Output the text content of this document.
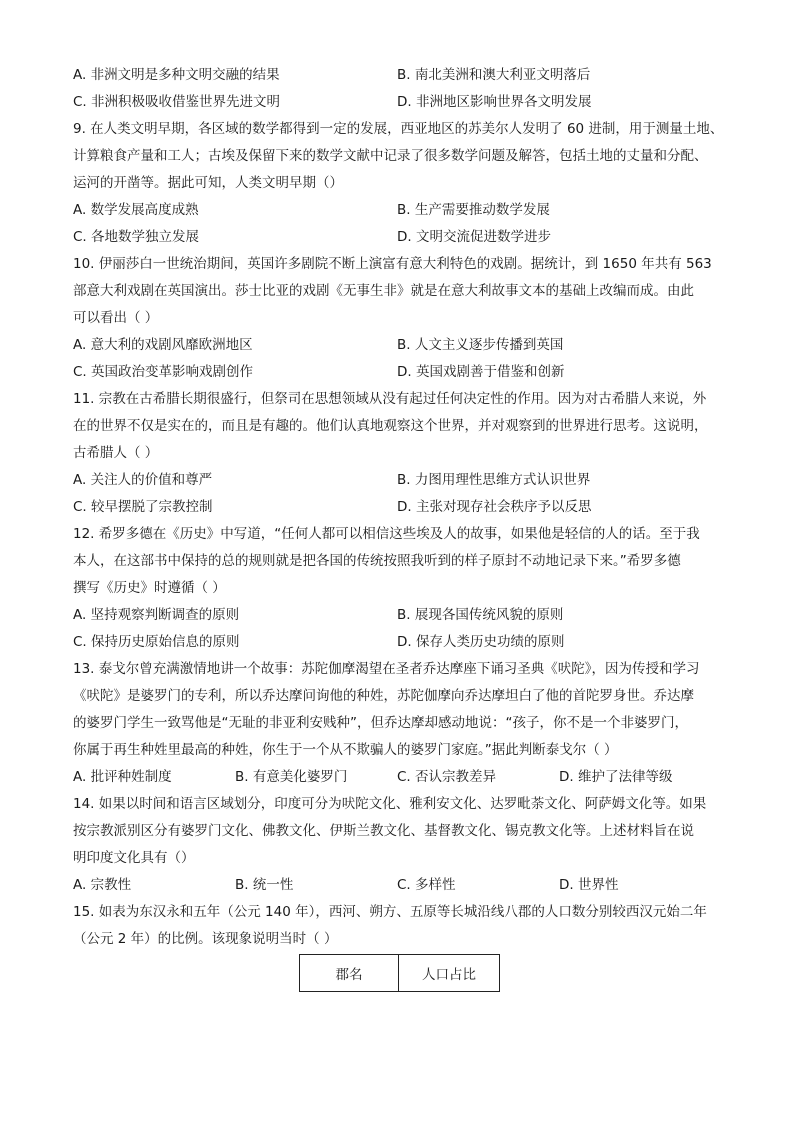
A. 非洲文明是多种文明交融的结果	B. 南北美洲和澳大利亚文明落后
C. 非洲积极吸收借鉴世界先进文明	D. 非洲地区影响世界各文明发展
9. 在人类文明早期，各区域的数学都得到一定的发展，西亚地区的苏美尔人发明了 60 进制，用于测量土地、
计算粮食产量和工人；古埃及保留下来的数学文献中记录了很多数学问题及解答，包括土地的丈量和分配、
运河的开凿等。据此可知，人类文明早期（）
A. 数学发展高度成熟	B. 生产需要推动数学发展
C. 各地数学独立发展	D. 文明交流促进数学进步
10. 伊丽莎白一世统治期间，英国许多剧院不断上演富有意大利特色的戏剧。据统计，到 1650 年共有 563
部意大利戏剧在英国演出。莎士比亚的戏剧《无事生非》就是在意大利故事文本的基础上改编而成。由此
可以看出（ ）
A. 意大利的戏剧风靡欧洲地区	B. 人文主义逐步传播到英国
C. 英国政治变革影响戏剧创作	D. 英国戏剧善于借鉴和创新
11. 宗教在古希腊长期很盛行，但祭司在思想领域从没有起过任何决定性的作用。因为对古希腊人来说，外
在的世界不仅是实在的，而且是有趣的。他们认真地观察这个世界，并对观察到的世界进行思考。这说明，
古希腊人（ ）
A. 关注人的价值和尊严	B. 力图用理性思维方式认识世界
C. 较早摆脱了宗教控制	D. 主张对现存社会秩序予以反思
12. 希罗多德在《历史》中写道，“任何人都可以相信这些埃及人的故事，如果他是轻信的人的话。至于我
本人，在这部书中保持的总的规则就是把各国的传统按照我听到的样子原封不动地记录下来。”希罗多德
撰写《历史》时遵循（ ）
A. 坚持观察判断调查的原则	B. 展现各国传统风貌的原则
C. 保持历史原始信息的原则	D. 保存人类历史功绩的原则
13. 泰戈尔曾充满激情地讲一个故事：苏陀伽摩渴望在圣者乔达摩座下诵习圣典《吠陀》，因为传授和学习
《吠陀》是婆罗门的专利，所以乔达摩问询他的种姓，苏陀伽摩向乔达摩坦白了他的首陀罗身世。乔达摩
的婆罗门学生一致骂他是“无耻的非亚利安贱种”，但乔达摩却感动地说：“孩子，你不是一个非婆罗门，
你属于再生种姓里最高的种姓，你生于一个从不欺骗人的婆罗门家庭。”据此判断泰戈尔（ ）
A. 批评种姓制度	B. 有意美化婆罗门	C. 否认宗教差异	D. 维护了法律等级
14. 如果以时间和语言区域划分，印度可分为吠陀文化、雅利安文化、达罗毗荼文化、阿萨姆文化等。如果
按宗教派别区分有婆罗门文化、佛教文化、伊斯兰教文化、基督教文化、锡克教文化等。上述材料旨在说
明印度文化具有（）
A. 宗教性	B. 统一性	C. 多样性	D. 世界性
15. 如表为东汉永和五年（公元 140 年），西河、朔方、五原等长城沿线八郡的人口数分别较西汉元始二年
（公元 2 年）的比例。该现象说明当时（ ）
郡名	人口占比
